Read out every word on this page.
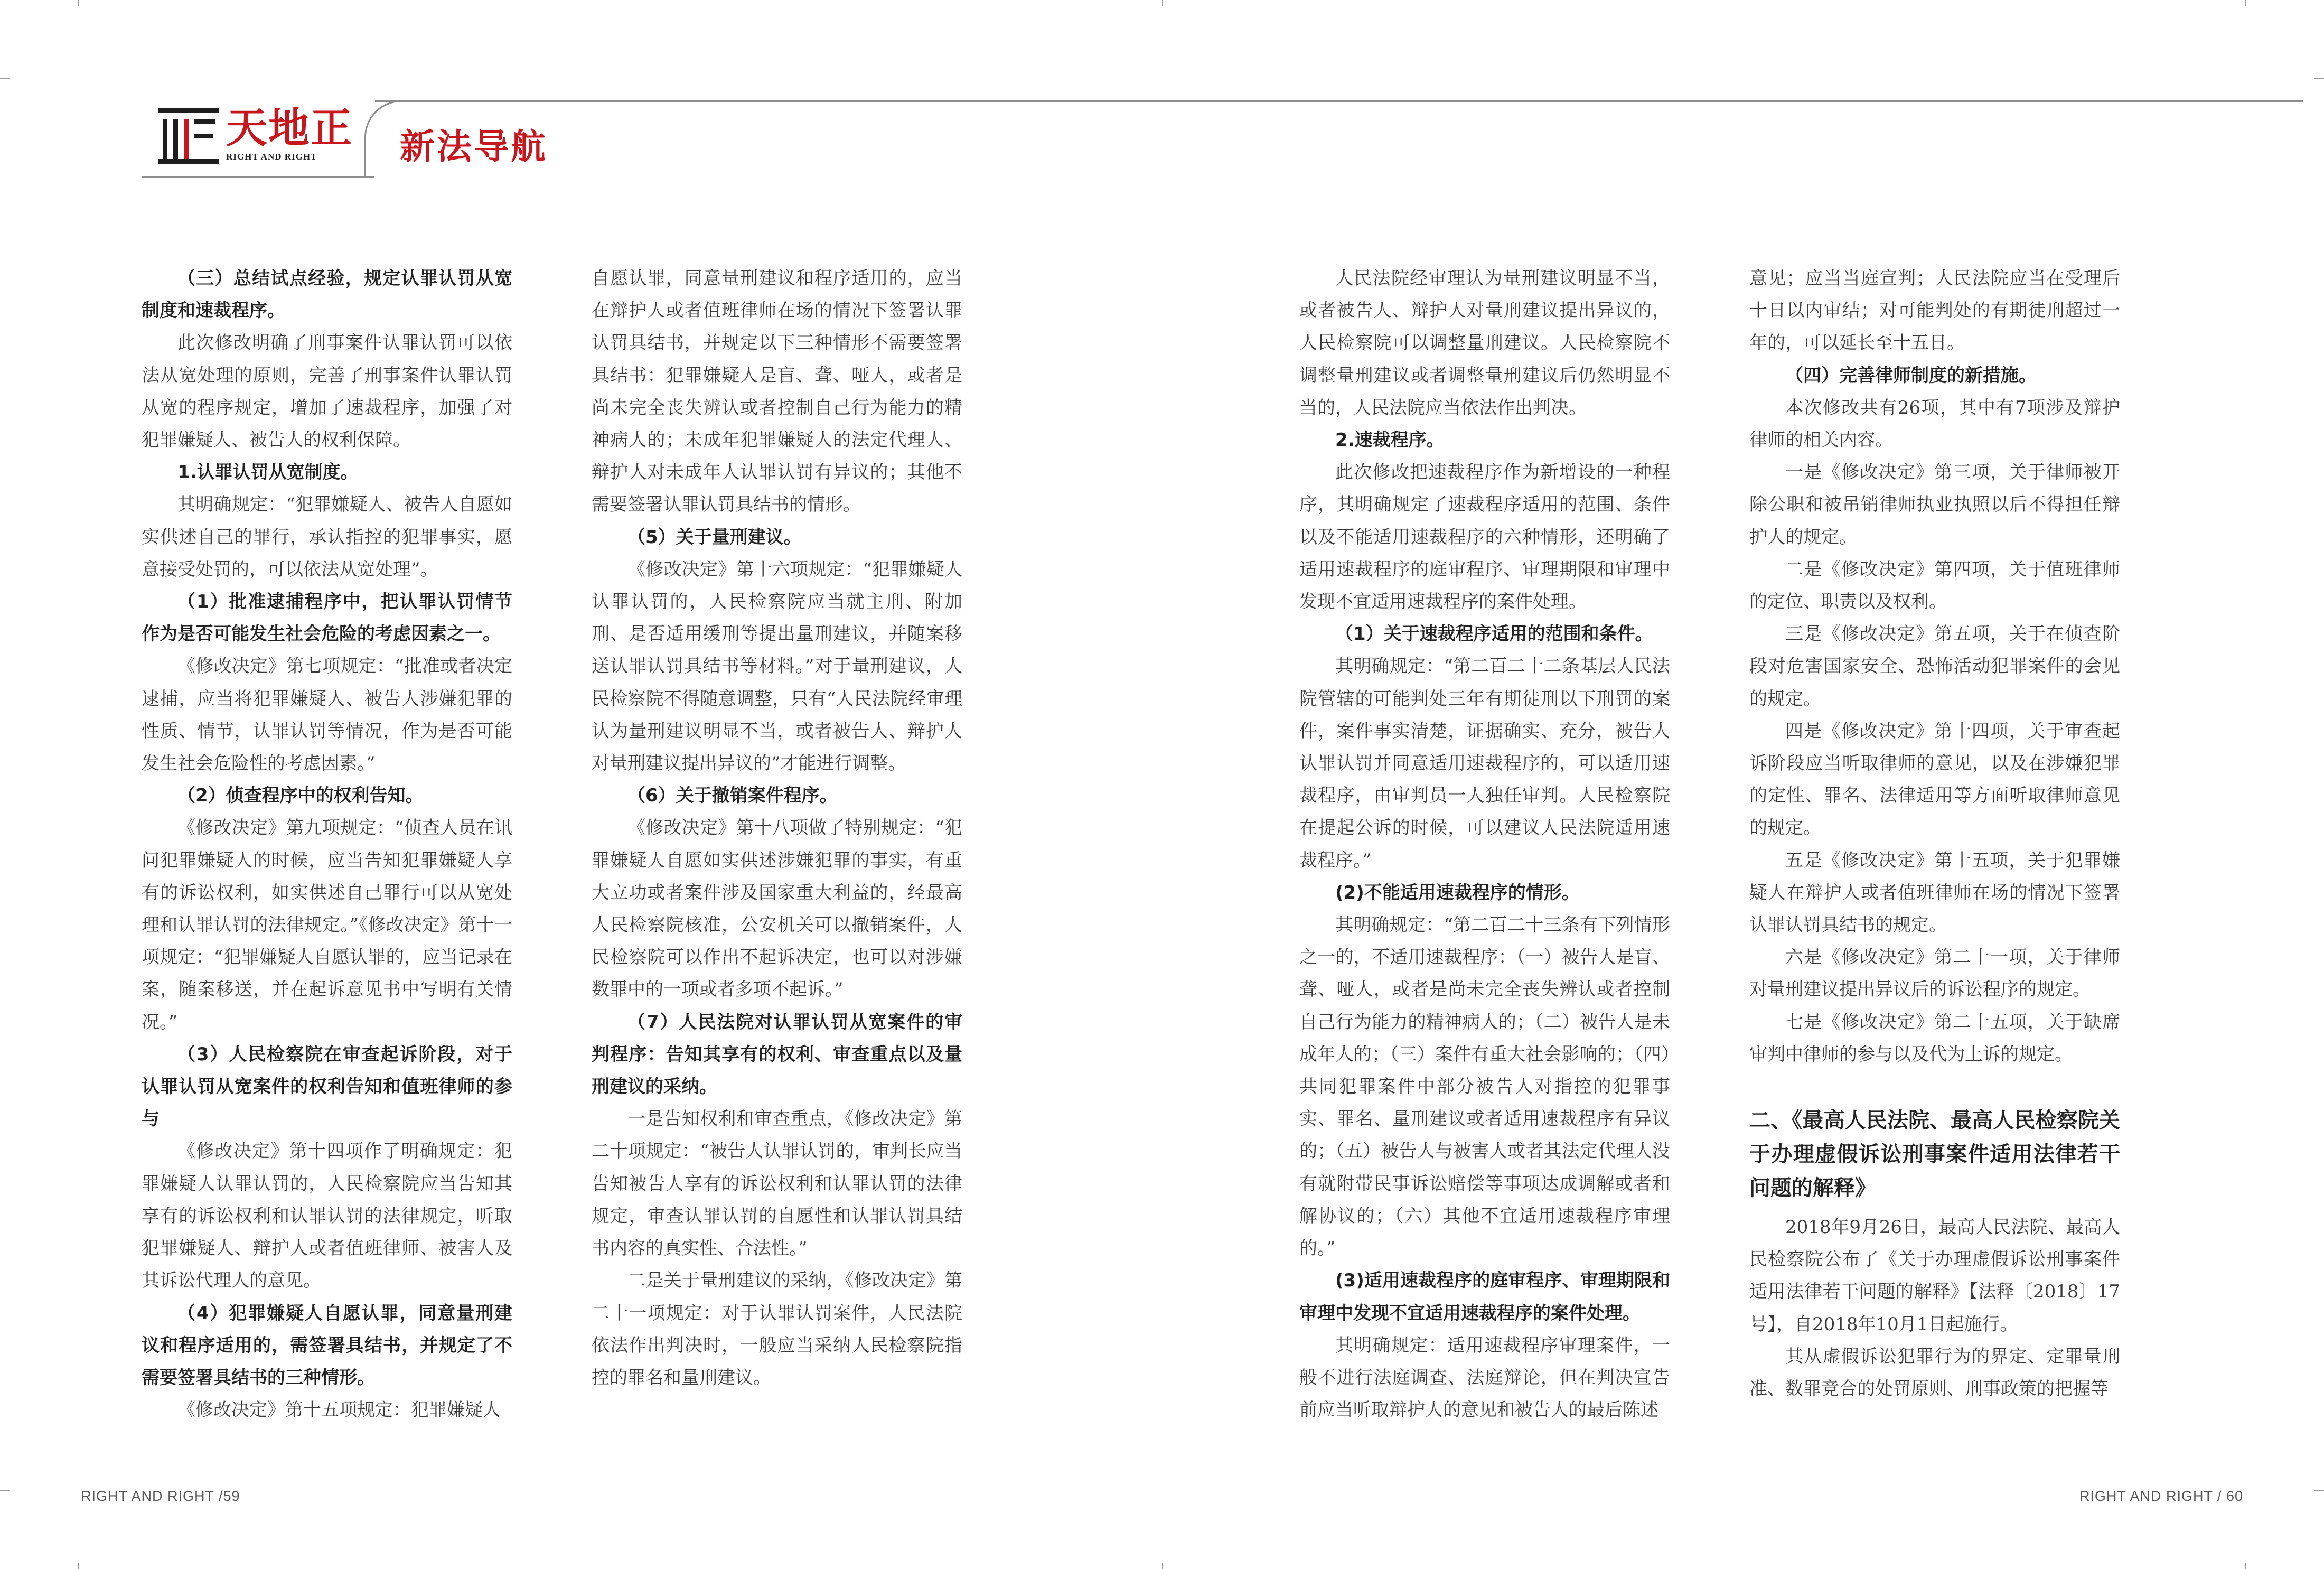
天地正
RIGHT AND RIGHT 新法导航

（三）总结试点经验，规定认罪认罚从宽制度和速裁程序。

此次修改明确了刑事案件认罪认罚可以依法从宽处理的原则，完善了刑事案件认罪认罚从宽的程序规定，增加了速裁程序，加强了对犯罪嫌疑人、被告人的权利保障。

1.认罪认罚从宽制度。

其明确规定：“犯罪嫌疑人、被告人自愿如实供述自己的罪行，承认指控的犯罪事实，愿意接受处罚的，可以依法从宽处理”。

（1）批准逮捕程序中，把认罪认罚情节作为是否可能发生社会危险的考虑因素之一。

《修改决定》第七项规定：“批准或者决定逮捕，应当将犯罪嫌疑人、被告人涉嫌犯罪的性质、情节，认罪认罚等情况，作为是否可能发生社会危险性的考虑因素。”

（2）侦查程序中的权利告知。

《修改决定》第九项规定：“侦查人员在讯问犯罪嫌疑人的时候，应当告知犯罪嫌疑人享有的诉讼权利，如实供述自己罪行可以从宽处理和认罪认罚的法律规定。”《修改决定》第十一项规定：“犯罪嫌疑人自愿认罪的，应当记录在案，随案移送，并在起诉意见书中写明有关情况。”

（3）人民检察院在审查起诉阶段，对于认罪认罚从宽案件的权利告知和值班律师的参与

《修改决定》第十四项作了明确规定：犯罪嫌疑人认罪认罚的，人民检察院应当告知其享有的诉讼权利和认罪认罚的法律规定，听取犯罪嫌疑人、辩护人或者值班律师、被害人及其诉讼代理人的意见。

（4）犯罪嫌疑人自愿认罪，同意量刑建议和程序适用的，需签署具结书，并规定了不需要签署具结书的三种情形。

《修改决定》第十五项规定：犯罪嫌疑人

自愿认罪，同意量刑建议和程序适用的，应当在辩护人或者值班律师在场的情况下签署认罪认罚具结书，并规定以下三种情形不需要签署具结书：犯罪嫌疑人是盲、聋、哑人，或者是尚未完全丧失辨认或者控制自己行为能力的精神病人的；未成年犯罪嫌疑人的法定代理人、辩护人对未成年人认罪认罚有异议的；其他不需要签署认罪认罚具结书的情形。

（5）关于量刑建议。

《修改决定》第十六项规定：“犯罪嫌疑人认罪认罚的，人民检察院应当就主刑、附加刑、是否适用缓刑等提出量刑建议，并随案移送认罪认罚具结书等材料。”对于量刑建议，人民检察院不得随意调整，只有“人民法院经审理认为量刑建议明显不当，或者被告人、辩护人对量刑建议提出异议的”才能进行调整。

（6）关于撤销案件程序。

《修改决定》第十八项做了特别规定：“犯罪嫌疑人自愿如实供述涉嫌犯罪的事实，有重大立功或者案件涉及国家重大利益的，经最高人民检察院核准，公安机关可以撤销案件，人民检察院可以作出不起诉决定，也可以对涉嫌数罪中的一项或者多项不起诉。”

（7）人民法院对认罪认罚从宽案件的审判程序：告知其享有的权利、审查重点以及量刑建议的采纳。

一是告知权利和审查重点，《修改决定》第二十项规定：“被告人认罪认罚的，审判长应当告知被告人享有的诉讼权利和认罪认罚的法律规定，审查认罪认罚的自愿性和认罪认罚具结书内容的真实性、合法性。”

二是关于量刑建议的采纳，《修改决定》第二十一项规定：对于认罪认罚案件，人民法院依法作出判决时，一般应当采纳人民检察院指控的罪名和量刑建议。

人民法院经审理认为量刑建议明显不当，或者被告人、辩护人对量刑建议提出异议的，人民检察院可以调整量刑建议。人民检察院不调整量刑建议或者调整量刑建议后仍然明显不当的，人民法院应当依法作出判决。

2.速裁程序。

此次修改把速裁程序作为新增设的一种程序，其明确规定了速裁程序适用的范围、条件以及不能适用速裁程序的六种情形，还明确了适用速裁程序的庭审程序、审理期限和审理中发现不宜适用速裁程序的案件处理。

（1）关于速裁程序适用的范围和条件。

其明确规定：“第二百二十二条基层人民法院管辖的可能判处三年有期徒刑以下刑罚的案件，案件事实清楚，证据确实、充分，被告人认罪认罚并同意适用速裁程序的，可以适用速裁程序，由审判员一人独任审判。人民检察院在提起公诉的时候，可以建议人民法院适用速裁程序。”

(2)不能适用速裁程序的情形。

其明确规定：“第二百二十三条有下列情形之一的，不适用速裁程序：（一）被告人是盲、聋、哑人，或者是尚未完全丧失辨认或者控制自己行为能力的精神病人的；（二）被告人是未成年人的；（三）案件有重大社会影响的；（四）共同犯罪案件中部分被告人对指控的犯罪事实、罪名、量刑建议或者适用速裁程序有异议的；（五）被告人与被害人或者其法定代理人没有就附带民事诉讼赔偿等事项达成调解或者和解协议的；（六）其他不宜适用速裁程序审理的。”

(3)适用速裁程序的庭审程序、审理期限和审理中发现不宜适用速裁程序的案件处理。

其明确规定：适用速裁程序审理案件，一般不进行法庭调查、法庭辩论，但在判决宣告前应当听取辩护人的意见和被告人的最后陈述

意见；应当当庭宣判；人民法院应当在受理后十日以内审结；对可能判处的有期徒刑超过一年的，可以延长至十五日。

（四）完善律师制度的新措施。

本次修改共有26项，其中有7项涉及辩护律师的相关内容。

一是《修改决定》第三项，关于律师被开除公职和被吊销律师执业执照以后不得担任辩护人的规定。

二是《修改决定》第四项，关于值班律师的定位、职责以及权利。

三是《修改决定》第五项，关于在侦查阶段对危害国家安全、恐怖活动犯罪案件的会见的规定。

四是《修改决定》第十四项，关于审查起诉阶段应当听取律师的意见，以及在涉嫌犯罪的定性、罪名、法律适用等方面听取律师意见的规定。

五是《修改决定》第十五项，关于犯罪嫌疑人在辩护人或者值班律师在场的情况下签署认罪认罚具结书的规定。

六是《修改决定》第二十一项，关于律师对量刑建议提出异议后的诉讼程序的规定。

七是《修改决定》第二十五项，关于缺席审判中律师的参与以及代为上诉的规定。

二、《最高人民法院、最高人民检察院关于办理虚假诉讼刑事案件适用法律若干问题的解释》

2018年9月26日，最高人民法院、最高人民检察院公布了《关于办理虚假诉讼刑事案件适用法律若干问题的解释》【法释〔2018〕17号】，自2018年10月1日起施行。

其从虚假诉讼犯罪行为的界定、定罪量刑准、数罪竞合的处罚原则、刑事政策的把握等

RIGHT AND RIGHT /59	RIGHT AND RIGHT / 60
